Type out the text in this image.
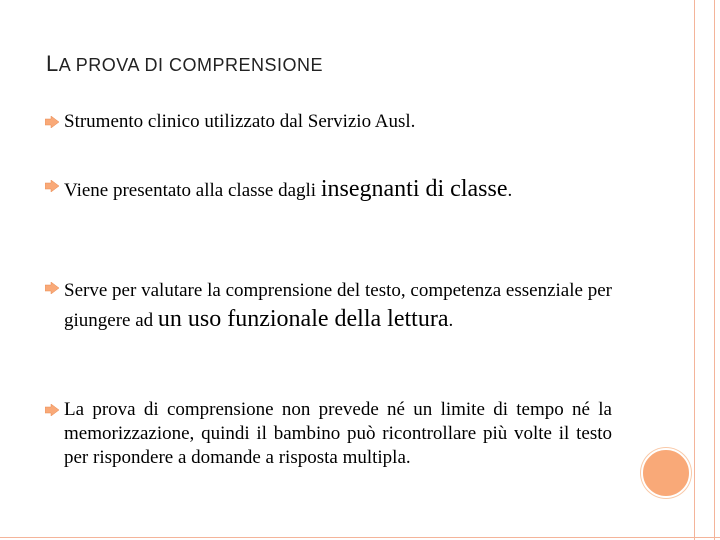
LA PROVA DI COMPRENSIONE
Strumento clinico utilizzato dal Servizio Ausl.
Viene presentato alla classe dagli insegnanti di classe.
Serve per valutare la comprensione del testo, competenza essenziale per giungere ad un uso funzionale della lettura.
La prova di comprensione non prevede né un limite di tempo né la memorizzazione, quindi il bambino può ricontrollare più volte il testo per rispondere a domande a risposta multipla.
